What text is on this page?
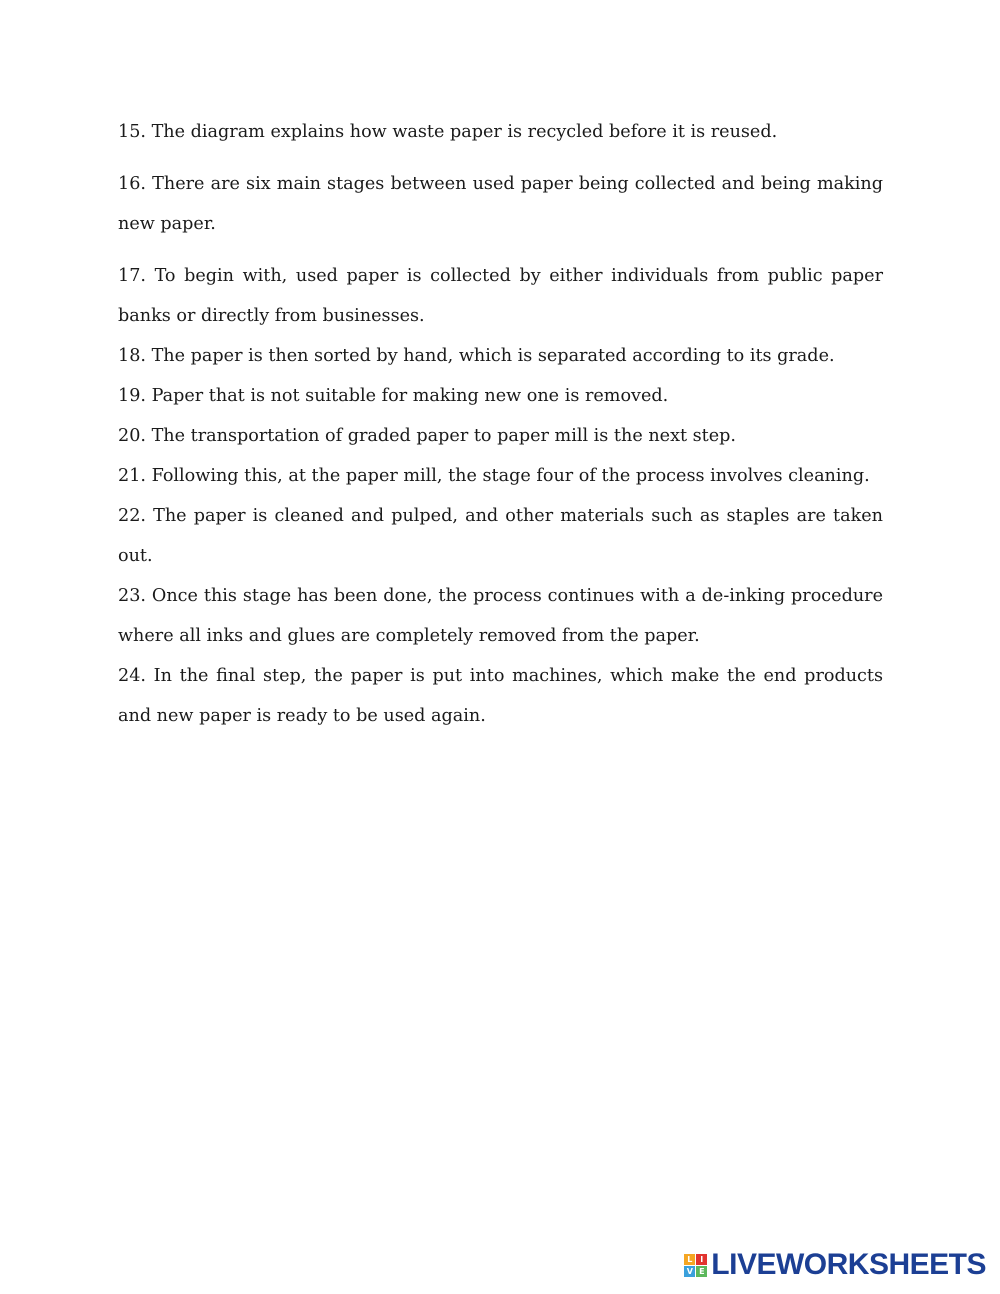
15. The diagram explains how waste paper is recycled before it is reused.

16. There are six main stages between used paper being collected and being making new paper.

17. To begin with, used paper is collected by either individuals from public paper banks or directly from businesses.

18. The paper is then sorted by hand, which is separated according to its grade.

19. Paper that is not suitable for making new one is removed.

20. The transportation of graded paper to paper mill is the next step.

21. Following this, at the paper mill, the stage four of the process involves cleaning.

22. The paper is cleaned and pulped, and other materials such as staples are taken out.

23. Once this stage has been done, the process continues with a de-inking procedure where all inks and glues are completely removed from the paper.

24. In the final step, the paper is put into machines, which make the end products and new paper is ready to be used again.

L I
V E LIVEWORKSHEETS
